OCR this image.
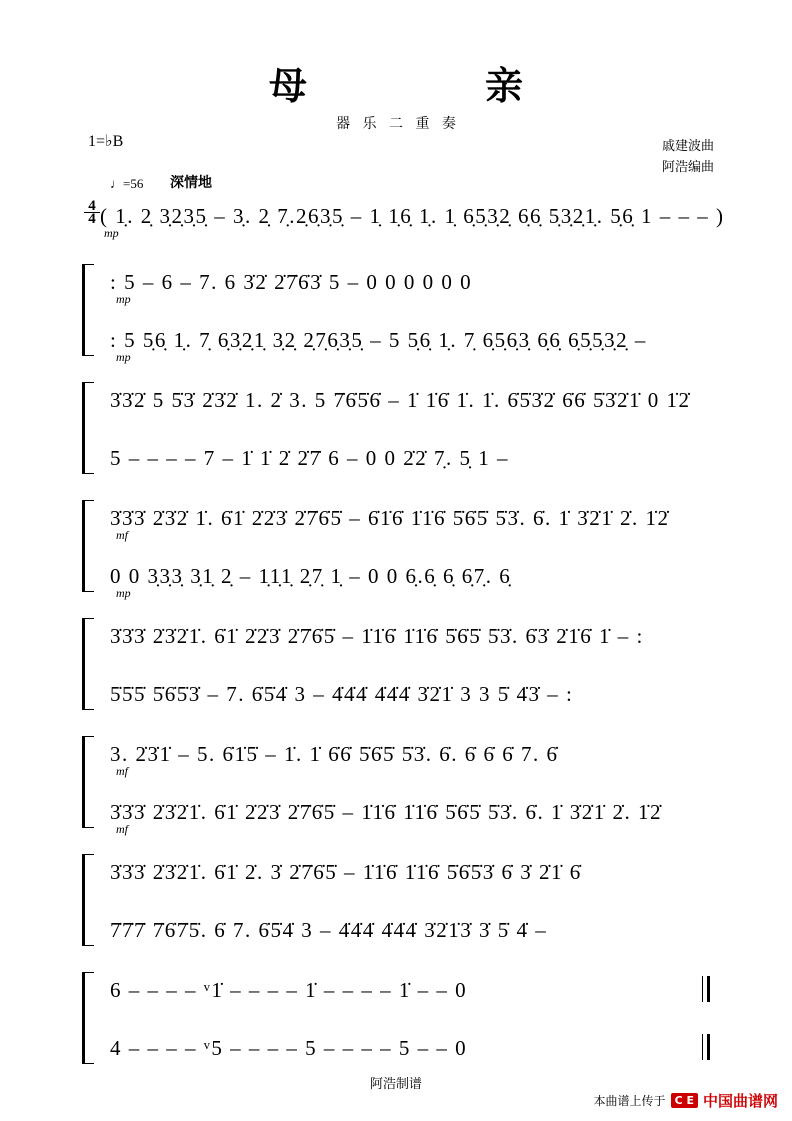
母　　亲
器 乐 二 重 奏
1=♭B	戚建波曲
阿浩编曲
♩=56 深情地
4
4 ( 1̣. 2̣ 3̣2̣3̣5̣ – 3̣. 2̣ 7̣.2̣6̣3̣5̣ – 1̣ 1̣6̣ 1̣. 1̣ 6̣5̣3̣2̣ 6̣6̣ 5̣3̣2̣1̣. 5̣6̣ 1 – – – )
mp
: 5 – 6 – 7. 6 3̇2̇ 2̇7̇6̇3̇ 5 – 0 0 0 0 0 0
mp
: 5 5̣6̣ 1̣. 7̣ 6̣3̣2̣1̣ 3̣2̣ 2̣7̣6̣3̣5̣ – 5 5̣6̣ 1̣. 7̣ 6̣5̣6̣3̣ 6̣6̣ 6̣5̣5̣3̣2̣ –
mp
3̇3̇2̇ 5 5̇3̇ 2̇3̇2̇ 1. 2̇ 3. 5 7̇6̇5̇6̇ – 1̇ 1̇6̇ 1̇. 1̇. 6̇5̇3̇2̇ 6̇6̇ 5̇3̇2̇1̇ 0 1̇2̇
5 – – – – 7 – 1̇ 1̇ 2̇ 2̇7̇ 6 – 0 0 2̇2̇ 7̣. 5̣ 1 –
3̇3̇3̇ 2̇3̇2̇ 1̇. 6̇1̇ 2̇2̇3̇ 2̇7̇6̇5̇ – 6̇1̇6̇ 1̇1̇6̇ 5̇6̇5̇ 5̇3̇. 6̇. 1̇ 3̇2̇1̇ 2̇. 1̇2̇
mf
0 0 3̣3̣3̣ 3̣1̣ 2̣ – 1̣1̣1̣ 2̣7̣ 1̣ – 0 0 6̣.6̣ 6̣ 6̣7̣. 6̣
mp
3̇3̇3̇ 2̇3̇2̇1̇. 6̇1̇ 2̇2̇3̇ 2̇7̇6̇5̇ – 1̇1̇6̇ 1̇1̇6̇ 5̇6̇5̇ 5̇3̇. 6̇3̇ 2̇1̇6̇ 1̇ – :
5̇5̇5̇ 5̇6̇5̇3̇ – 7. 6̇5̇4̇ 3 – 4̇4̇4̇ 4̇4̇4̇ 3̇2̇1̇ 3 3 5̇ 4̇3̇ – :
3. 2̇3̇1̇ – 5. 6̇1̇5̇ – 1̇. 1̇ 6̇6̇ 5̇6̇5̇ 5̇3̇. 6̇. 6̇ 6̇ 6̇ 7. 6̇
mf
3̇3̇3̇ 2̇3̇2̇1̇. 6̇1̇ 2̇2̇3̇ 2̇7̇6̇5̇ – 1̇1̇6̇ 1̇1̇6̇ 5̇6̇5̇ 5̇3̇. 6̇. 1̇ 3̇2̇1̇ 2̇. 1̇2̇
mf
3̇3̇3̇ 2̇3̇2̇1̇. 6̇1̇ 2̇. 3̇ 2̇7̇6̇5̇ – 1̇1̇6̇ 1̇1̇6̇ 5̇6̇5̇3̇ 6̇ 3̇ 2̇1̇ 6̇
7̇7̇7̇ 7̇6̇7̇5̇. 6̇ 7. 6̇5̇4̇ 3 – 4̇4̇4̇ 4̇4̇4̇ 3̇2̇1̇3̇ 3̇ 5̇ 4̇ –
6 – – – – ᵛ1̇ – – – – 1̇ – – – – 1̇ – – 0
4 – – – – ᵛ5 – – – – 5 – – – – 5 – – 0
阿浩制谱
本曲谱上传于 C E 中国曲谱网
